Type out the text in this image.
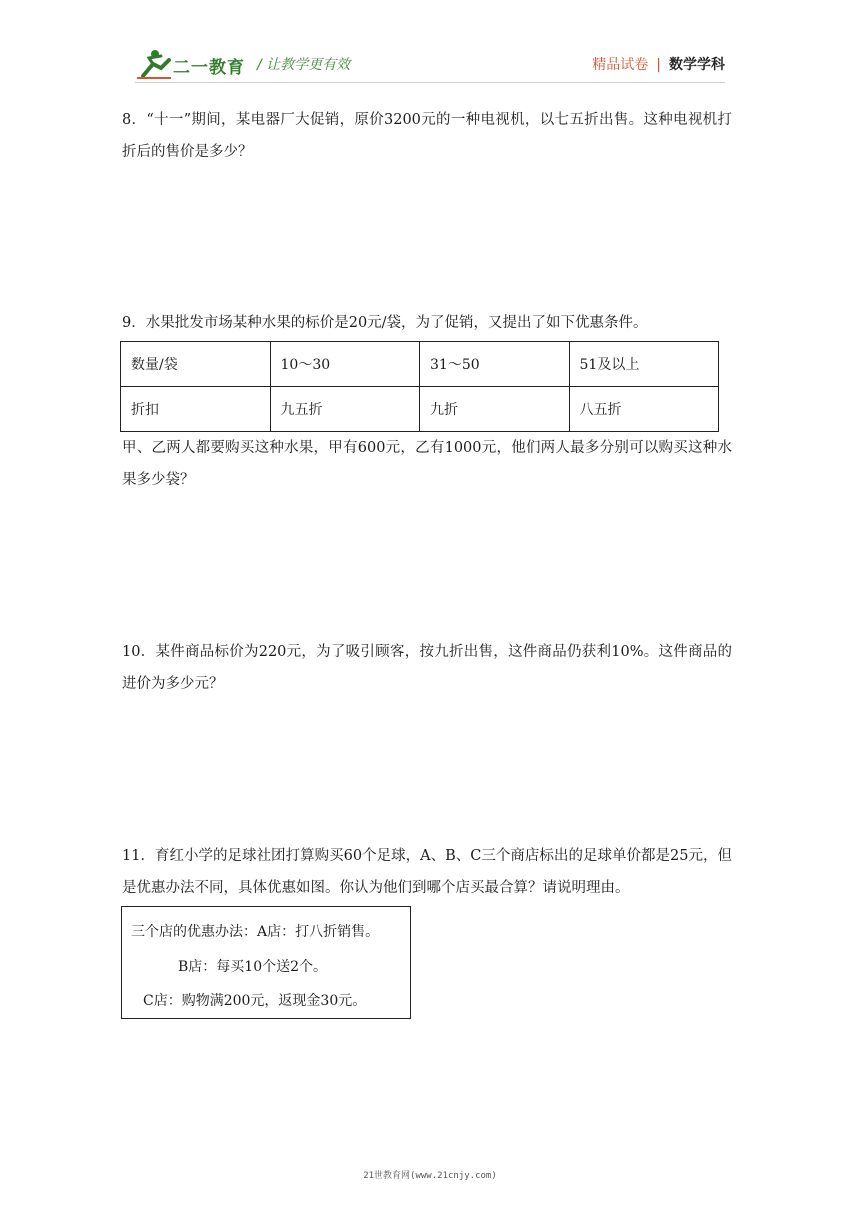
二一教育 / 让教学更有效	精品试卷 | 数学学科
8．“十一”期间，某电器厂大促销，原价3200元的一种电视机，以七五折出售。这种电视机打折后的售价是多少？
9．水果批发市场某种水果的标价是20元/袋，为了促销，又提出了如下优惠条件。
数量/袋	10～30	31～50	51及以上
折扣	九五折	九折	八五折
甲、乙两人都要购买这种水果，甲有600元，乙有1000元，他们两人最多分别可以购买这种水果多少袋？
10．某件商品标价为220元，为了吸引顾客，按九折出售，这件商品仍获利10%。这件商品的进价为多少元？
11．育红小学的足球社团打算购买60个足球，A、B、C三个商店标出的足球单价都是25元，但是优惠办法不同，具体优惠如图。你认为他们到哪个店买最合算？请说明理由。
三个店的优惠办法：A店：打八折销售。
B店：每买10个送2个。
C店：购物满200元，返现金30元。
21世教育网(www.21cnjy.com)
